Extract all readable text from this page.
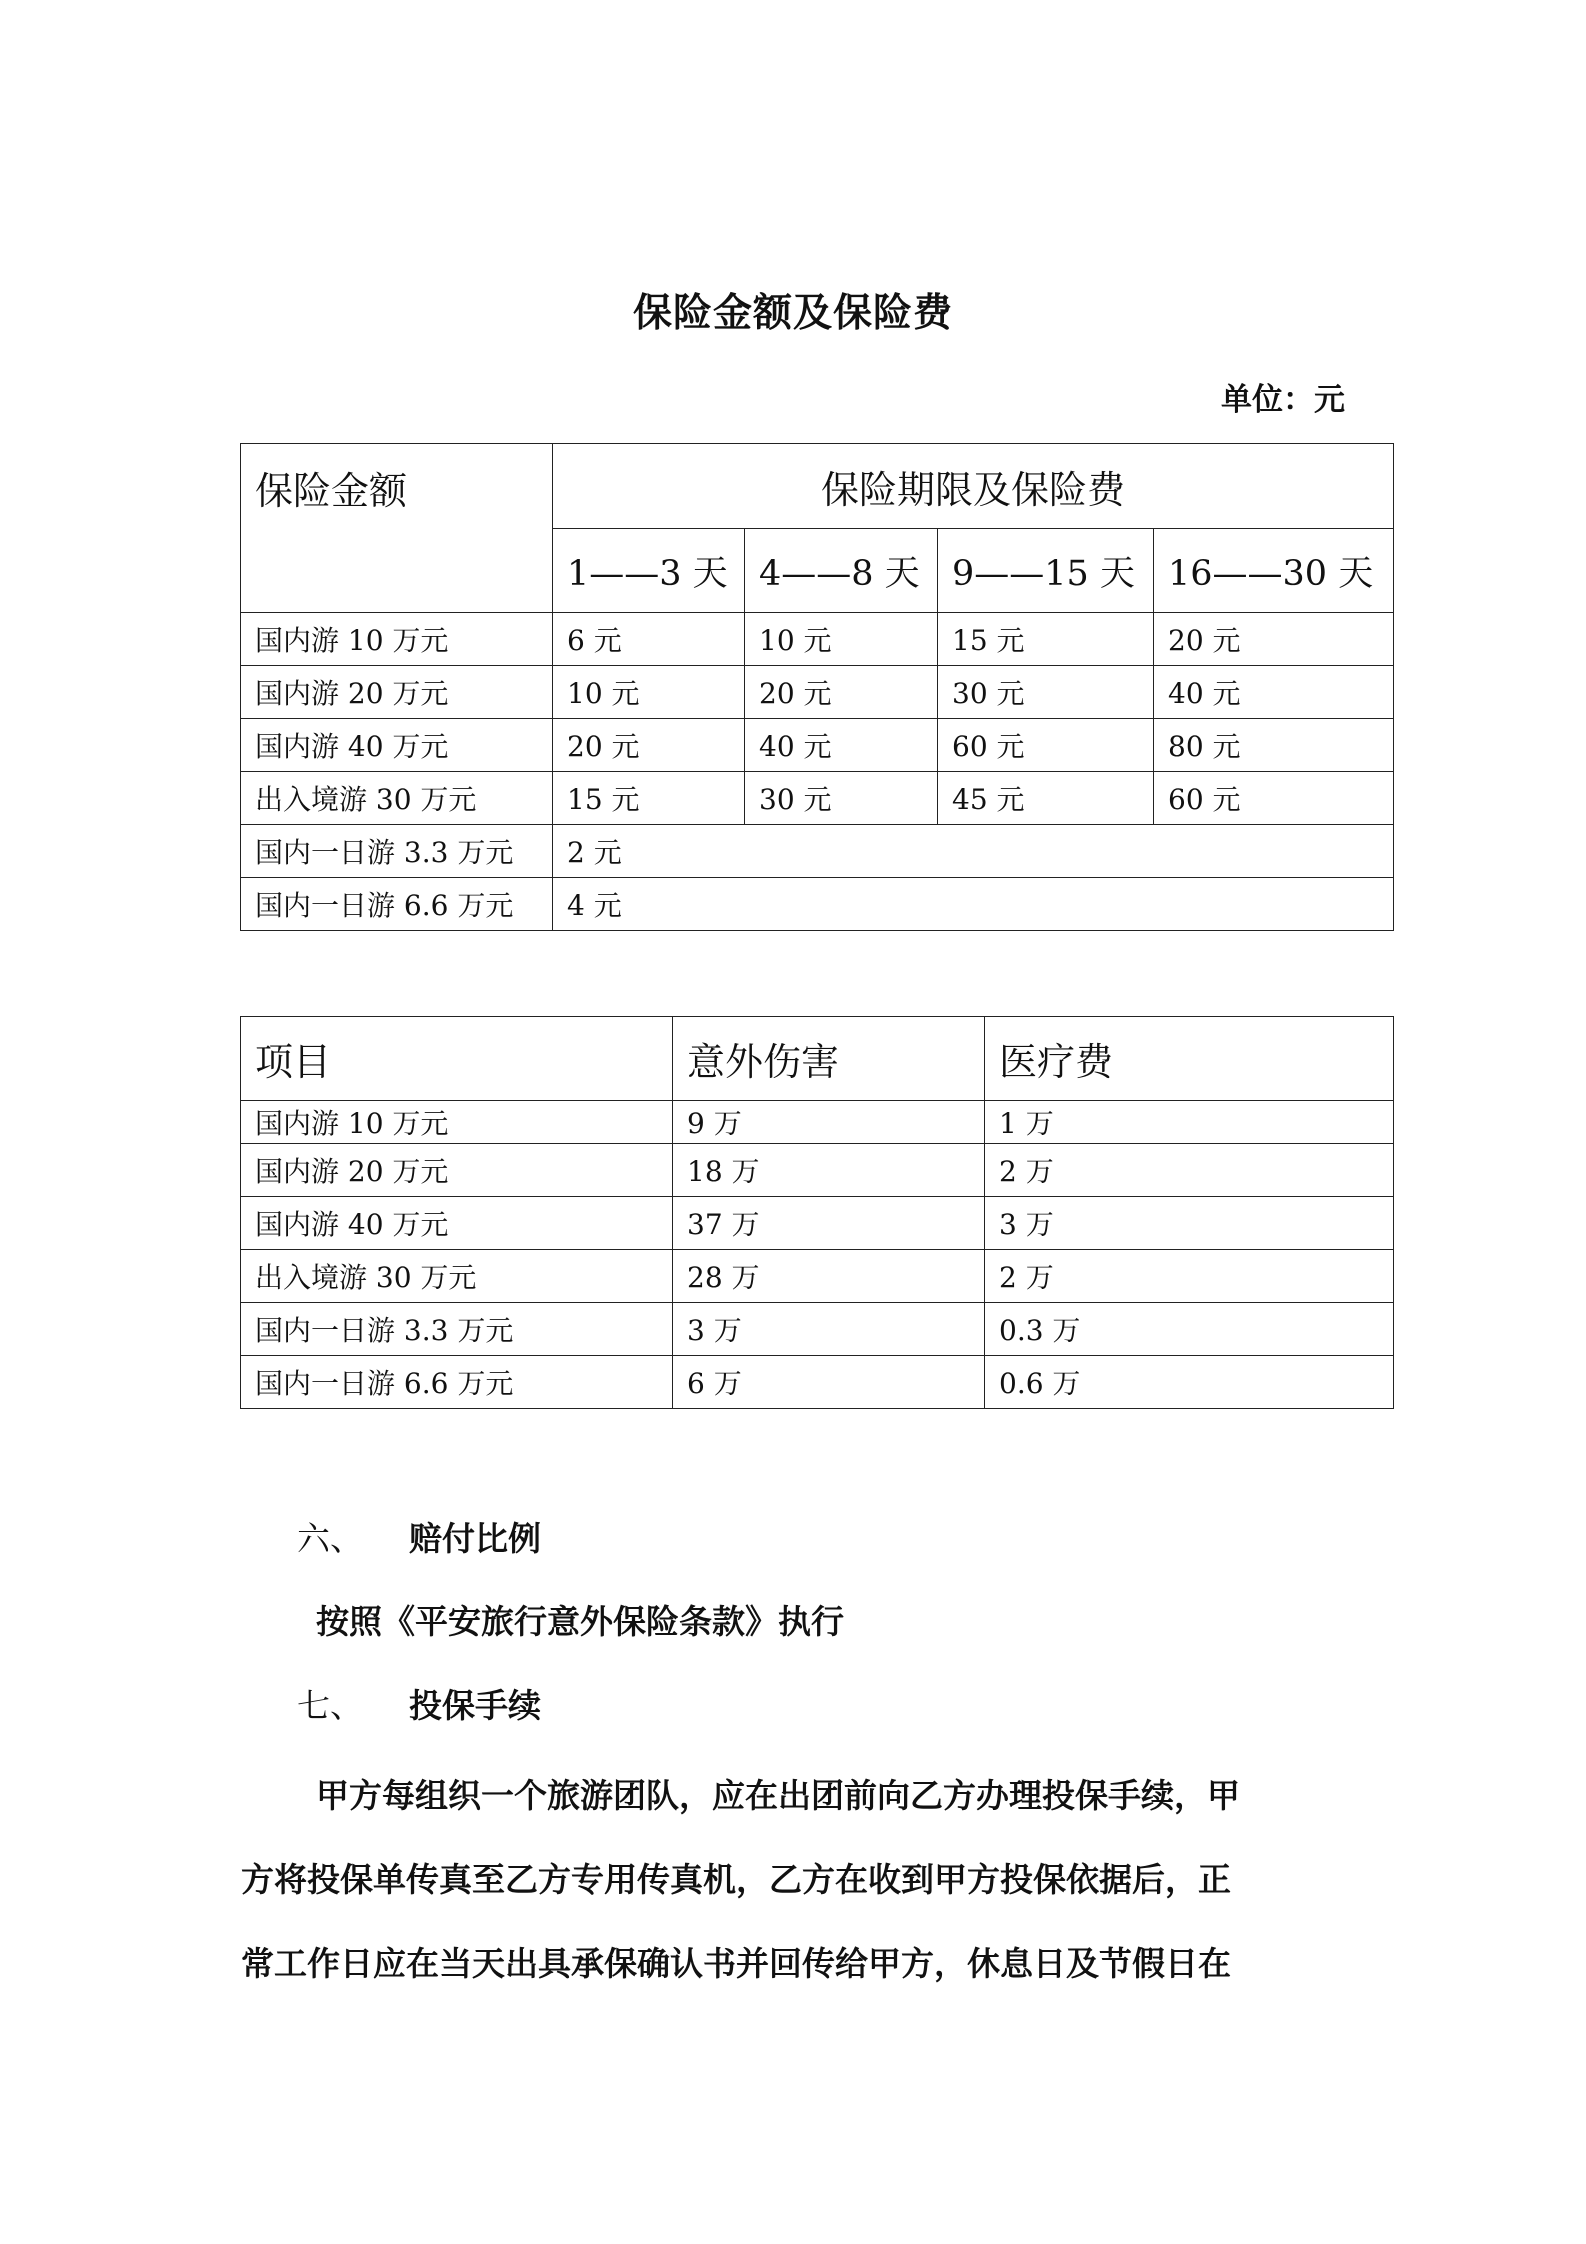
保险金额及保险费
单位：元
保险金额	保险期限及保险费			
	1——3 天	4——8 天	9——15 天	16——30 天
国内游 10 万元	6 元	10 元	15 元	20 元
国内游 20 万元	10 元	20 元	30 元	40 元
国内游 40 万元	20 元	40 元	60 元	80 元
出入境游 30 万元	15 元	30 元	45 元	60 元
国内一日游 3.3 万元	2 元			
国内一日游 6.6 万元	4 元			
项目	意外伤害	医疗费
国内游 10 万元	9 万	1 万
国内游 20 万元	18 万	2 万
国内游 40 万元	37 万	3 万
出入境游 30 万元	28 万	2 万
国内一日游 3.3 万元	3 万	0.3 万
国内一日游 6.6 万元	6 万	0.6 万
六、 赔付比例
按照《平安旅行意外保险条款》执行
七、 投保手续
甲方每组织一个旅游团队，应在出团前向乙方办理投保手续，甲
方将投保单传真至乙方专用传真机，乙方在收到甲方投保依据后，正
常工作日应在当天出具承保确认书并回传给甲方，休息日及节假日在
